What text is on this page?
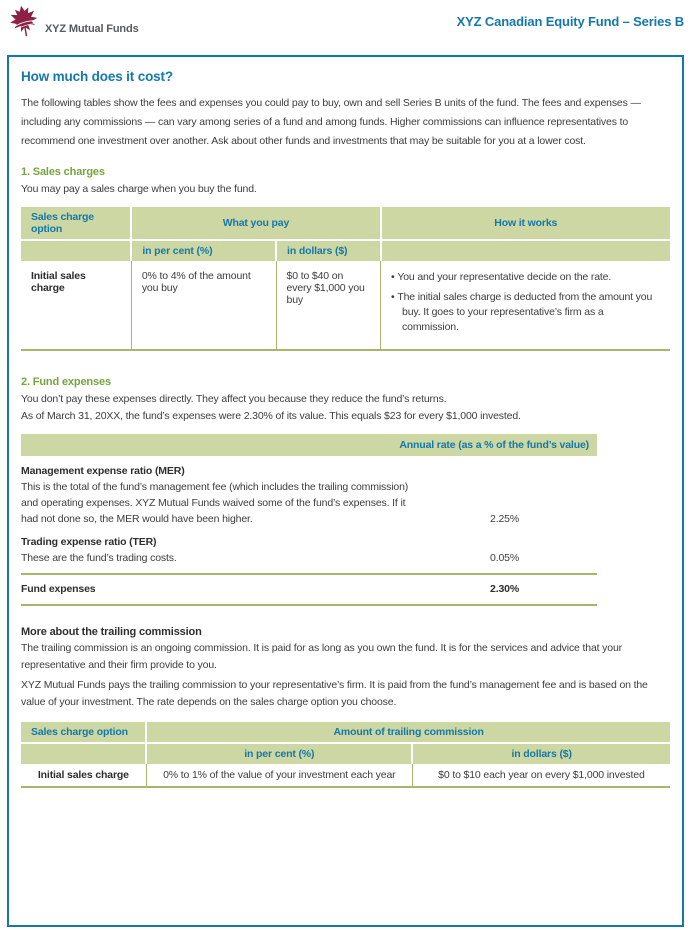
XYZ Mutual Funds	XYZ Canadian Equity Fund – Series B
How much does it cost?

The following tables show the fees and expenses you could pay to buy, own and sell Series B units of the fund. The fees and expenses — including any commissions — can vary among series of a fund and among funds. Higher commissions can influence representatives to recommend one investment over another. Ask about other funds and investments that may be suitable for you at a lower cost.

1. Sales charges

You may pay a sales charge when you buy the fund.

Sales charge option	What you pay		How it works
	in per cent (%)	in dollars ($)	
Initial sales charge	0% to 4% of the amount you buy	$0 to $40 on every $1,000 you buy	• You and your representative decide on the rate.
• The initial sales charge is deducted from the amount you buy. It goes to your representative’s firm as a commission.
2. Fund expenses

You don’t pay these expenses directly. They affect you because they reduce the fund’s returns.

As of March 31, 20XX, the fund’s expenses were 2.30% of its value. This equals $23 for every $1,000 invested.

Annual rate (as a % of the fund’s value)
Management expense ratio (MER)
This is the total of the fund’s management fee (which includes the trailing commission) and operating expenses. XYZ Mutual Funds waived some of the fund’s expenses. If it had not done so, the MER would have been higher.	2.25%
Trading expense ratio (TER)
These are the fund’s trading costs.	0.05%
Fund expenses	2.30%
More about the trailing commission

The trailing commission is an ongoing commission. It is paid for as long as you own the fund. It is for the services and advice that your representative and their firm provide to you.

XYZ Mutual Funds pays the trailing commission to your representative’s firm. It is paid from the fund’s management fee and is based on the value of your investment. The rate depends on the sales charge option you choose.

Sales charge option	Amount of trailing commission	
	in per cent (%)	in dollars ($)
Initial sales charge	0% to 1% of the value of your investment each year	$0 to $10 each year on every $1,000 invested
